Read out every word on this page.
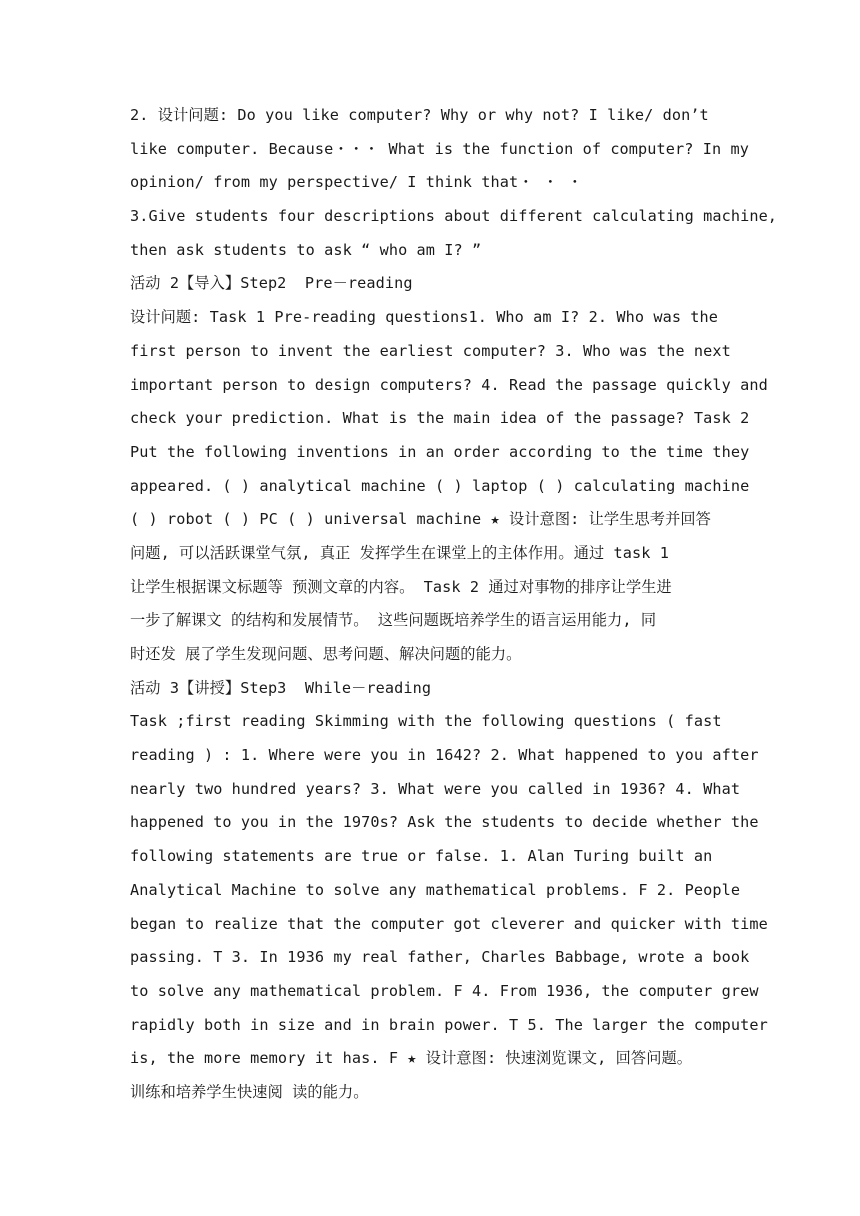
2. 设计问题: Do you like computer? Why or why not? I like/ don’t
like computer. Because・・・ What is the function of computer? In my
opinion/ from my perspective/ I think that・ ・ ・
3.Give students four descriptions about different calculating machine,
then ask students to ask “ who am I? ”
活动 2【导入】Step2  Pre－reading
设计问题: Task 1 Pre-reading questions1. Who am I? 2. Who was the
first person to invent the earliest computer? 3. Who was the next
important person to design computers? 4. Read the passage quickly and
check your prediction. What is the main idea of the passage? Task 2
Put the following inventions in an order according to the time they
appeared. ( ) analytical machine ( ) laptop ( ) calculating machine
( ) robot ( ) PC ( ) universal machine ★ 设计意图: 让学生思考并回答
问题, 可以活跃课堂气氛, 真正 发挥学生在课堂上的主体作用。通过 task 1
让学生根据课文标题等 预测文章的内容。 Task 2 通过对事物的排序让学生进
一步了解课文 的结构和发展情节。 这些问题既培养学生的语言运用能力, 同
时还发 展了学生发现问题、思考问题、解决问题的能力。
活动 3【讲授】Step3  While－reading
Task ;first reading Skimming with the following questions ( fast
reading ) : 1. Where were you in 1642? 2. What happened to you after
nearly two hundred years? 3. What were you called in 1936? 4. What
happened to you in the 1970s? Ask the students to decide whether the
following statements are true or false. 1. Alan Turing built an
Analytical Machine to solve any mathematical problems. F 2. People
began to realize that the computer got cleverer and quicker with time
passing. T 3. In 1936 my real father, Charles Babbage, wrote a book
to solve any mathematical problem. F 4. From 1936, the computer grew
rapidly both in size and in brain power. T 5. The larger the computer
is, the more memory it has. F ★ 设计意图: 快速浏览课文, 回答问题。
训练和培养学生快速阅 读的能力。
